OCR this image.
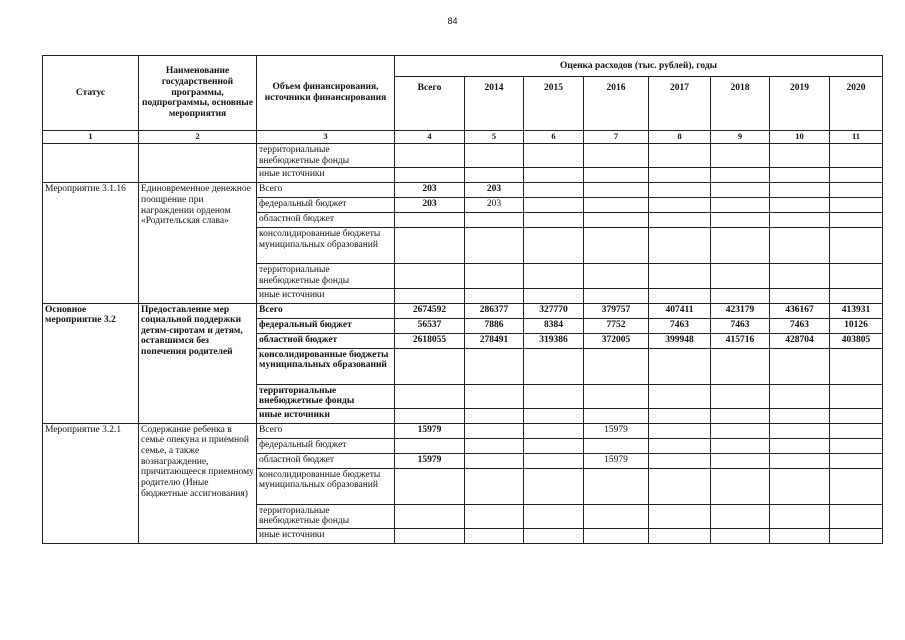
84
Статус	Наименование государственной программы, подпрограммы, основные мероприятия	Объем финансирования, источники финансирования	Оценка расходов (тыс. рублей), годы							
			Всего	2014	2015	2016	2017	2018	2019	2020
1	2	3	4	5	6	7	8	9	10	11
		территориальные внебюджетные фонды								
		иные источники								
Мероприятие 3.1.16	Единовременное денежное поощрение при награждении орденом «Родительская слава»	Всего	203	203						
		федеральный бюджет	203	203						
		областной бюджет								
		консолидированные бюджеты муниципальных образований								
		территориальные внебюджетные фонды								
		иные источники								
Основное мероприятие 3.2	Предоставление мер социальной поддержки детям-сиротам и детям, оставшимся без попечения родителей	Всего	2674592	286377	327770	379757	407411	423179	436167	413931
		федеральный бюджет	56537	7886	8384	7752	7463	7463	7463	10126
		областной бюджет	2618055	278491	319386	372005	399948	415716	428704	403805
		консолидированные бюджеты муниципальных образований								
		территориальные внебюджетные фонды								
		иные источники								
Мероприятие 3.2.1	Содержание ребенка в семье опекуна и приемной семье, а также вознаграждение, причитающееся приемному родителю (Иные бюджетные ассигнования)	Всего	15979			15979				
		федеральный бюджет								
		областной бюджет	15979			15979				
		консолидированные бюджеты муниципальных образований								
		территориальные внебюджетные фонды								
		иные источники								
